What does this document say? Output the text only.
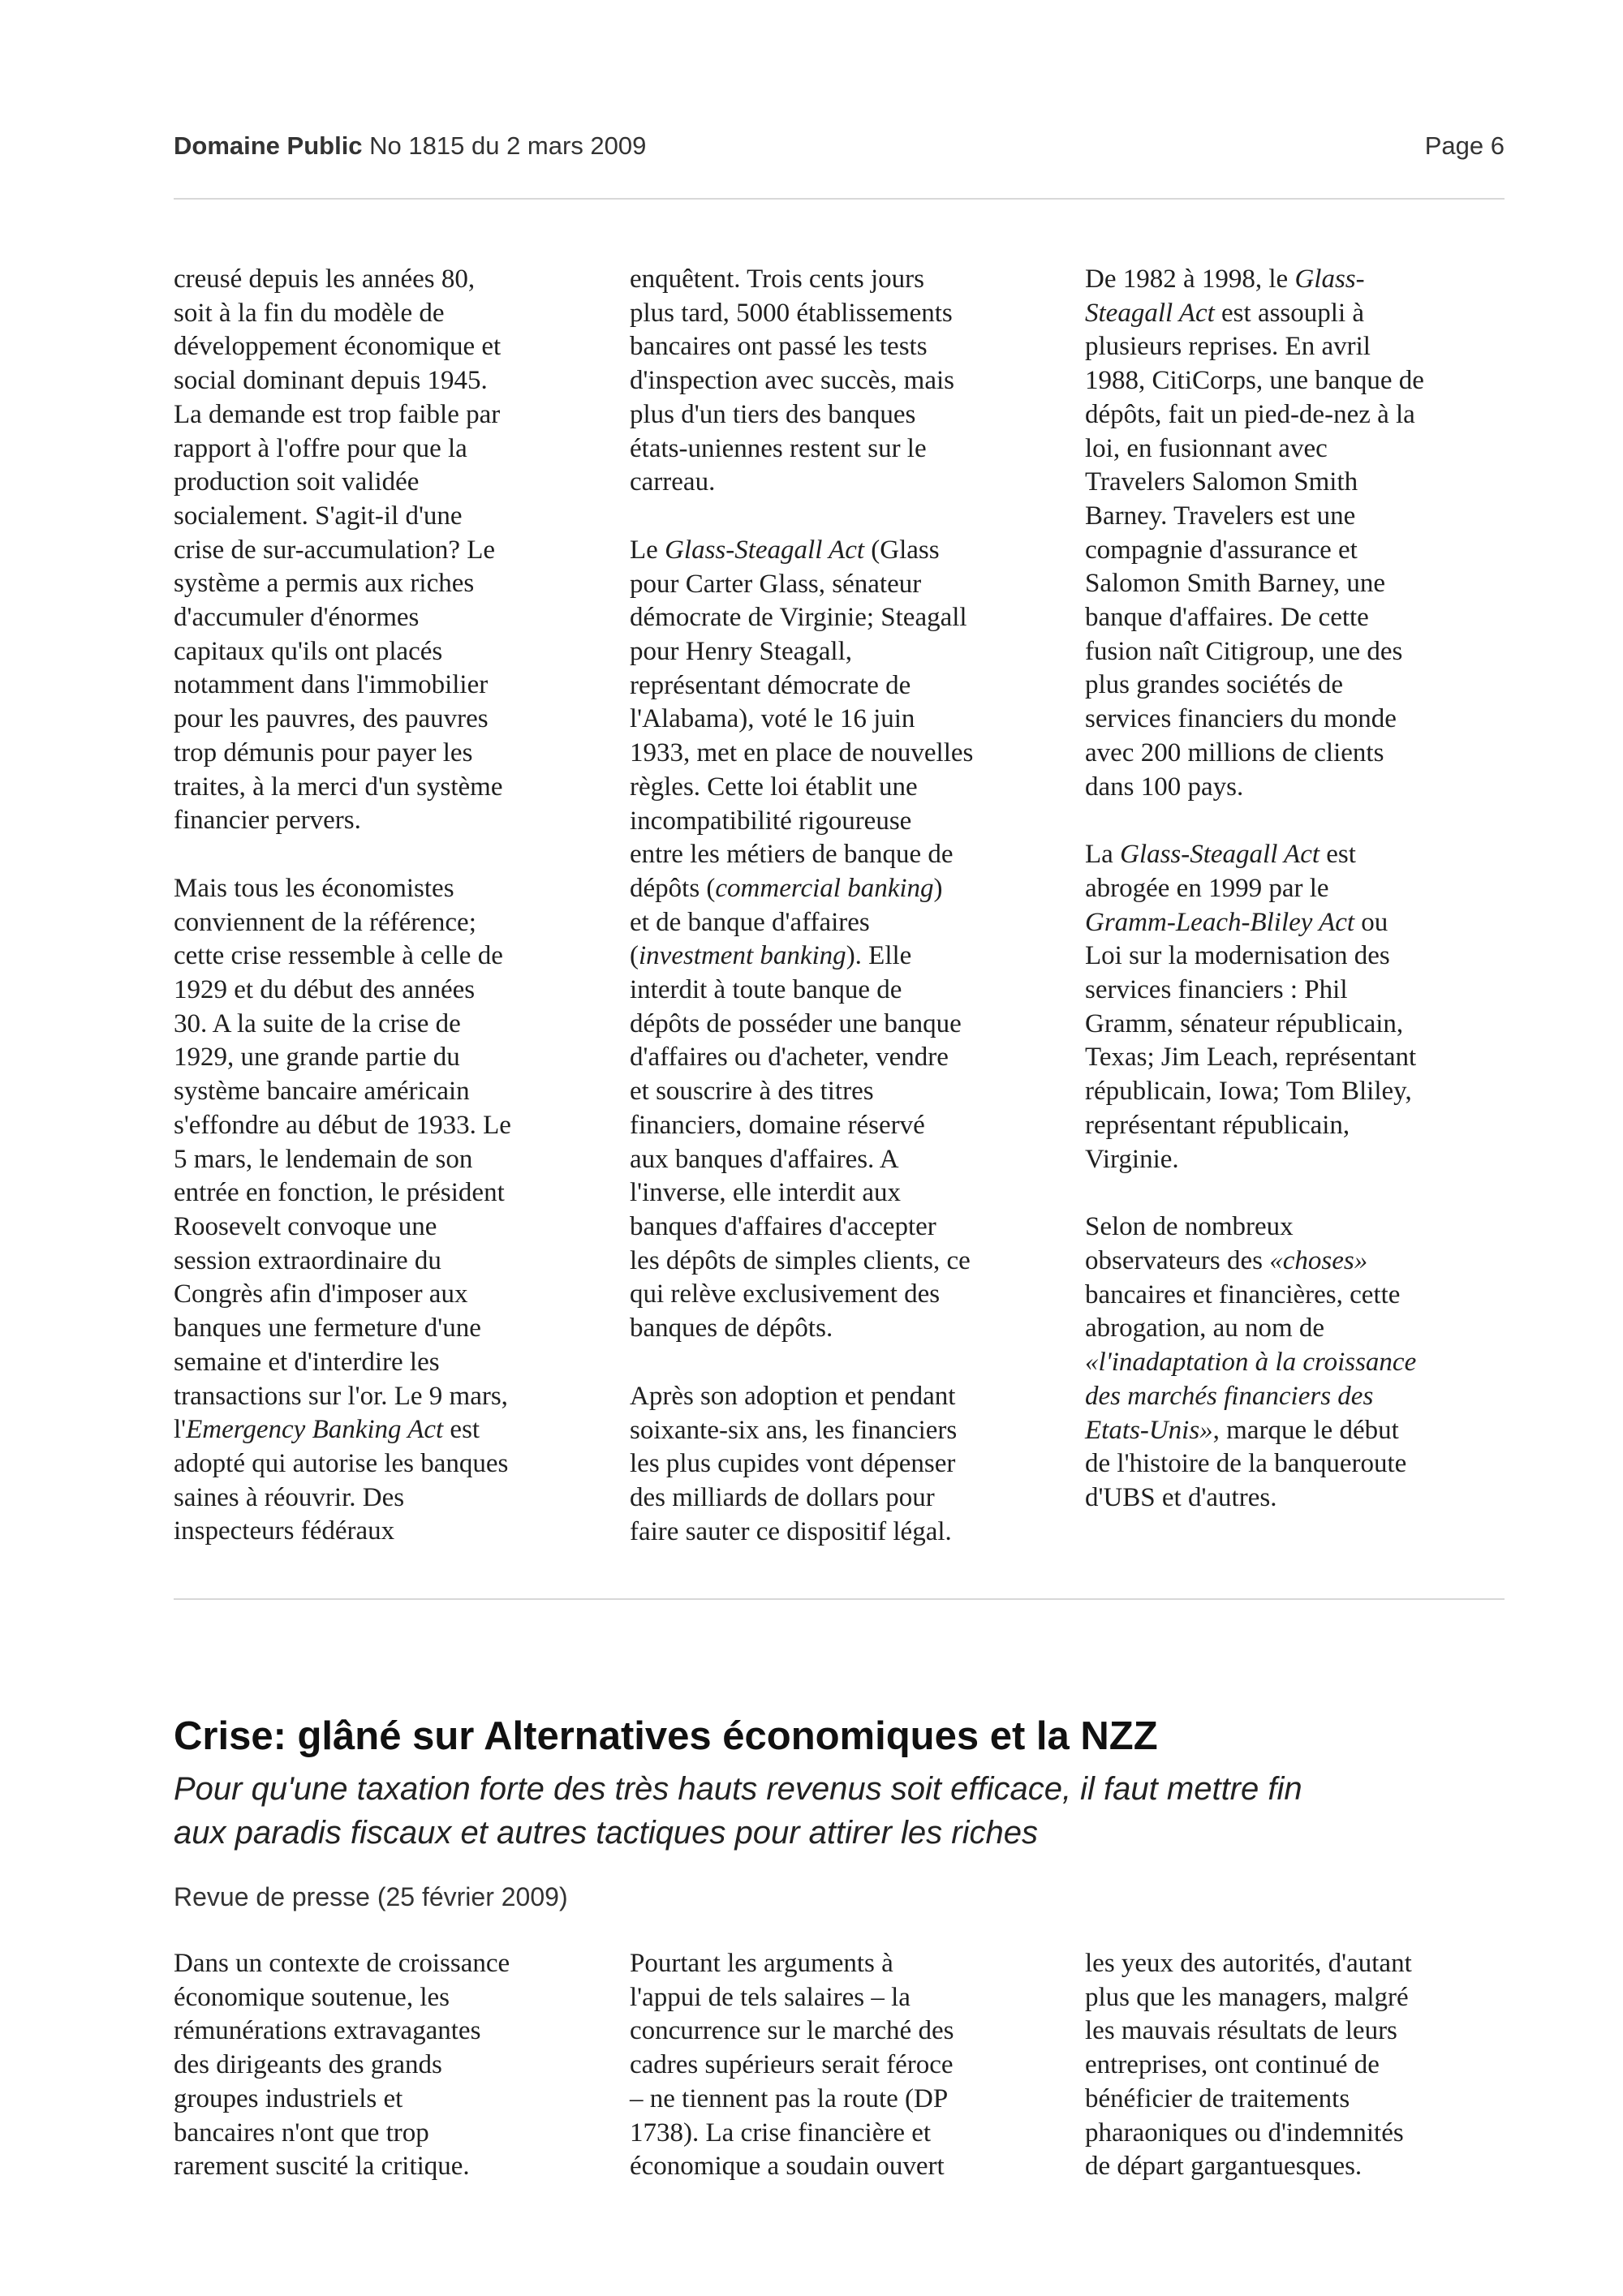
Domaine Public No 1815 du 2 mars 2009	Page 6

creusé depuis les années 80,
soit à la fin du modèle de
développement économique et
social dominant depuis 1945.
La demande est trop faible par
rapport à l'offre pour que la
production soit validée
socialement. S'agit-il d'une
crise de sur-accumulation? Le
système a permis aux riches
d'accumuler d'énormes
capitaux qu'ils ont placés
notamment dans l'immobilier
pour les pauvres, des pauvres
trop démunis pour payer les
traites, à la merci d'un système
financier pervers.

Mais tous les économistes
conviennent de la référence;
cette crise ressemble à celle de
1929 et du début des années
30. A la suite de la crise de
1929, une grande partie du
système bancaire américain
s'effondre au début de 1933. Le
5 mars, le lendemain de son
entrée en fonction, le président
Roosevelt convoque une
session extraordinaire du
Congrès afin d'imposer aux
banques une fermeture d'une
semaine et d'interdire les
transactions sur l'or. Le 9 mars,
l'Emergency Banking Act est
adopté qui autorise les banques
saines à réouvrir. Des
inspecteurs fédéraux

enquêtent. Trois cents jours
plus tard, 5000 établissements
bancaires ont passé les tests
d'inspection avec succès, mais
plus d'un tiers des banques
états-uniennes restent sur le
carreau.

Le Glass-Steagall Act (Glass
pour Carter Glass, sénateur
démocrate de Virginie; Steagall
pour Henry Steagall,
représentant démocrate de
l'Alabama), voté le 16 juin
1933, met en place de nouvelles
règles. Cette loi établit une
incompatibilité rigoureuse
entre les métiers de banque de
dépôts (commercial banking)
et de banque d'affaires
(investment banking). Elle
interdit à toute banque de
dépôts de posséder une banque
d'affaires ou d'acheter, vendre
et souscrire à des titres
financiers, domaine réservé
aux banques d'affaires. A
l'inverse, elle interdit aux
banques d'affaires d'accepter
les dépôts de simples clients, ce
qui relève exclusivement des
banques de dépôts.

Après son adoption et pendant
soixante-six ans, les financiers
les plus cupides vont dépenser
des milliards de dollars pour
faire sauter ce dispositif légal.

De 1982 à 1998, le Glass-
Steagall Act est assoupli à
plusieurs reprises. En avril
1988, CitiCorps, une banque de
dépôts, fait un pied-de-nez à la
loi, en fusionnant avec
Travelers Salomon Smith
Barney. Travelers est une
compagnie d'assurance et
Salomon Smith Barney, une
banque d'affaires. De cette
fusion naît Citigroup, une des
plus grandes sociétés de
services financiers du monde
avec 200 millions de clients
dans 100 pays.

La Glass-Steagall Act est
abrogée en 1999 par le
Gramm-Leach-Bliley Act ou
Loi sur la modernisation des
services financiers : Phil
Gramm, sénateur républicain,
Texas; Jim Leach, représentant
républicain, Iowa; Tom Bliley,
représentant républicain,
Virginie.

Selon de nombreux
observateurs des «choses»
bancaires et financières, cette
abrogation, au nom de
«l'inadaptation à la croissance
des marchés financiers des
Etats-Unis», marque le début
de l'histoire de la banqueroute
d'UBS et d'autres.

Crise: glâné sur Alternatives économiques et la NZZ
Pour qu'une taxation forte des très hauts revenus soit efficace, il faut mettre fin
aux paradis fiscaux et autres tactiques pour attirer les riches
Revue de presse (25 février 2009)

Dans un contexte de croissance
économique soutenue, les
rémunérations extravagantes
des dirigeants des grands
groupes industriels et
bancaires n'ont que trop
rarement suscité la critique.

Pourtant les arguments à
l'appui de tels salaires – la
concurrence sur le marché des
cadres supérieurs serait féroce
– ne tiennent pas la route (DP
1738). La crise financière et
économique a soudain ouvert

les yeux des autorités, d'autant
plus que les managers, malgré
les mauvais résultats de leurs
entreprises, ont continué de
bénéficier de traitements
pharaoniques ou d'indemnités
de départ gargantuesques.
